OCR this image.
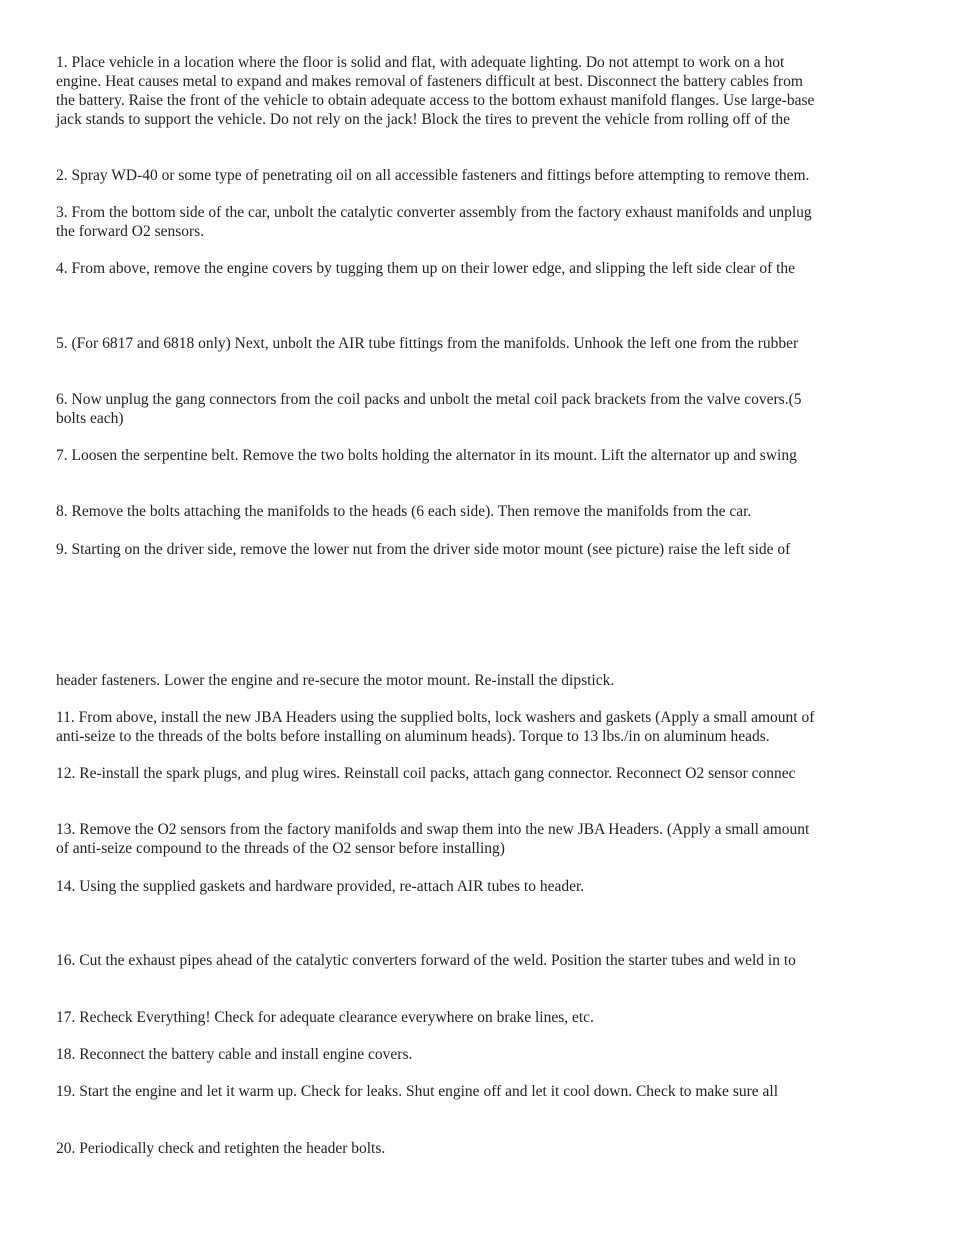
1. Place vehicle in a location where the floor is solid and flat, with adequate lighting. Do not attempt to work on a hot
engine. Heat causes metal to expand and makes removal of fasteners difficult at best. Disconnect the battery cables from
the battery. Raise the front of the vehicle to obtain adequate access to the bottom exhaust manifold flanges. Use large-base
jack stands to support the vehicle. Do not rely on the jack! Block the tires to prevent the vehicle from rolling off of the

2. Spray WD-40 or some type of penetrating oil on all accessible fasteners and fittings before attempting to remove them.

3. From the bottom side of the car, unbolt the catalytic converter assembly from the factory exhaust manifolds and unplug
the forward O2 sensors.

4. From above, remove the engine covers by tugging them up on their lower edge, and slipping the left side clear of the

5. (For 6817 and 6818 only) Next, unbolt the AIR tube fittings from the manifolds. Unhook the left one from the rubber

6. Now unplug the gang connectors from the coil packs and unbolt the metal coil pack brackets from the valve covers.(5
bolts each)

7. Loosen the serpentine belt. Remove the two bolts holding the alternator in its mount. Lift the alternator up and swing

8. Remove the bolts attaching the manifolds to the heads (6 each side). Then remove the manifolds from the car.

9. Starting on the driver side, remove the lower nut from the driver side motor mount (see picture) raise the left side of

header fasteners. Lower the engine and re-secure the motor mount. Re-install the dipstick.

11. From above, install the new JBA Headers using the supplied bolts, lock washers and gaskets (Apply a small amount of
anti-seize to the threads of the bolts before installing on aluminum heads). Torque to 13 lbs./in on aluminum heads.

12. Re-install the spark plugs, and plug wires. Reinstall coil packs, attach gang connector. Reconnect O2 sensor connec

13. Remove the O2 sensors from the factory manifolds and swap them into the new JBA Headers. (Apply a small amount
of anti-seize compound to the threads of the O2 sensor before installing)

14. Using the supplied gaskets and hardware provided, re-attach AIR tubes to header.

16. Cut the exhaust pipes ahead of the catalytic converters forward of the weld. Position the starter tubes and weld in to

17. Recheck Everything! Check for adequate clearance everywhere on brake lines, etc.

18. Reconnect the battery cable and install engine covers.

19. Start the engine and let it warm up. Check for leaks. Shut engine off and let it cool down. Check to make sure all

20. Periodically check and retighten the header bolts.
